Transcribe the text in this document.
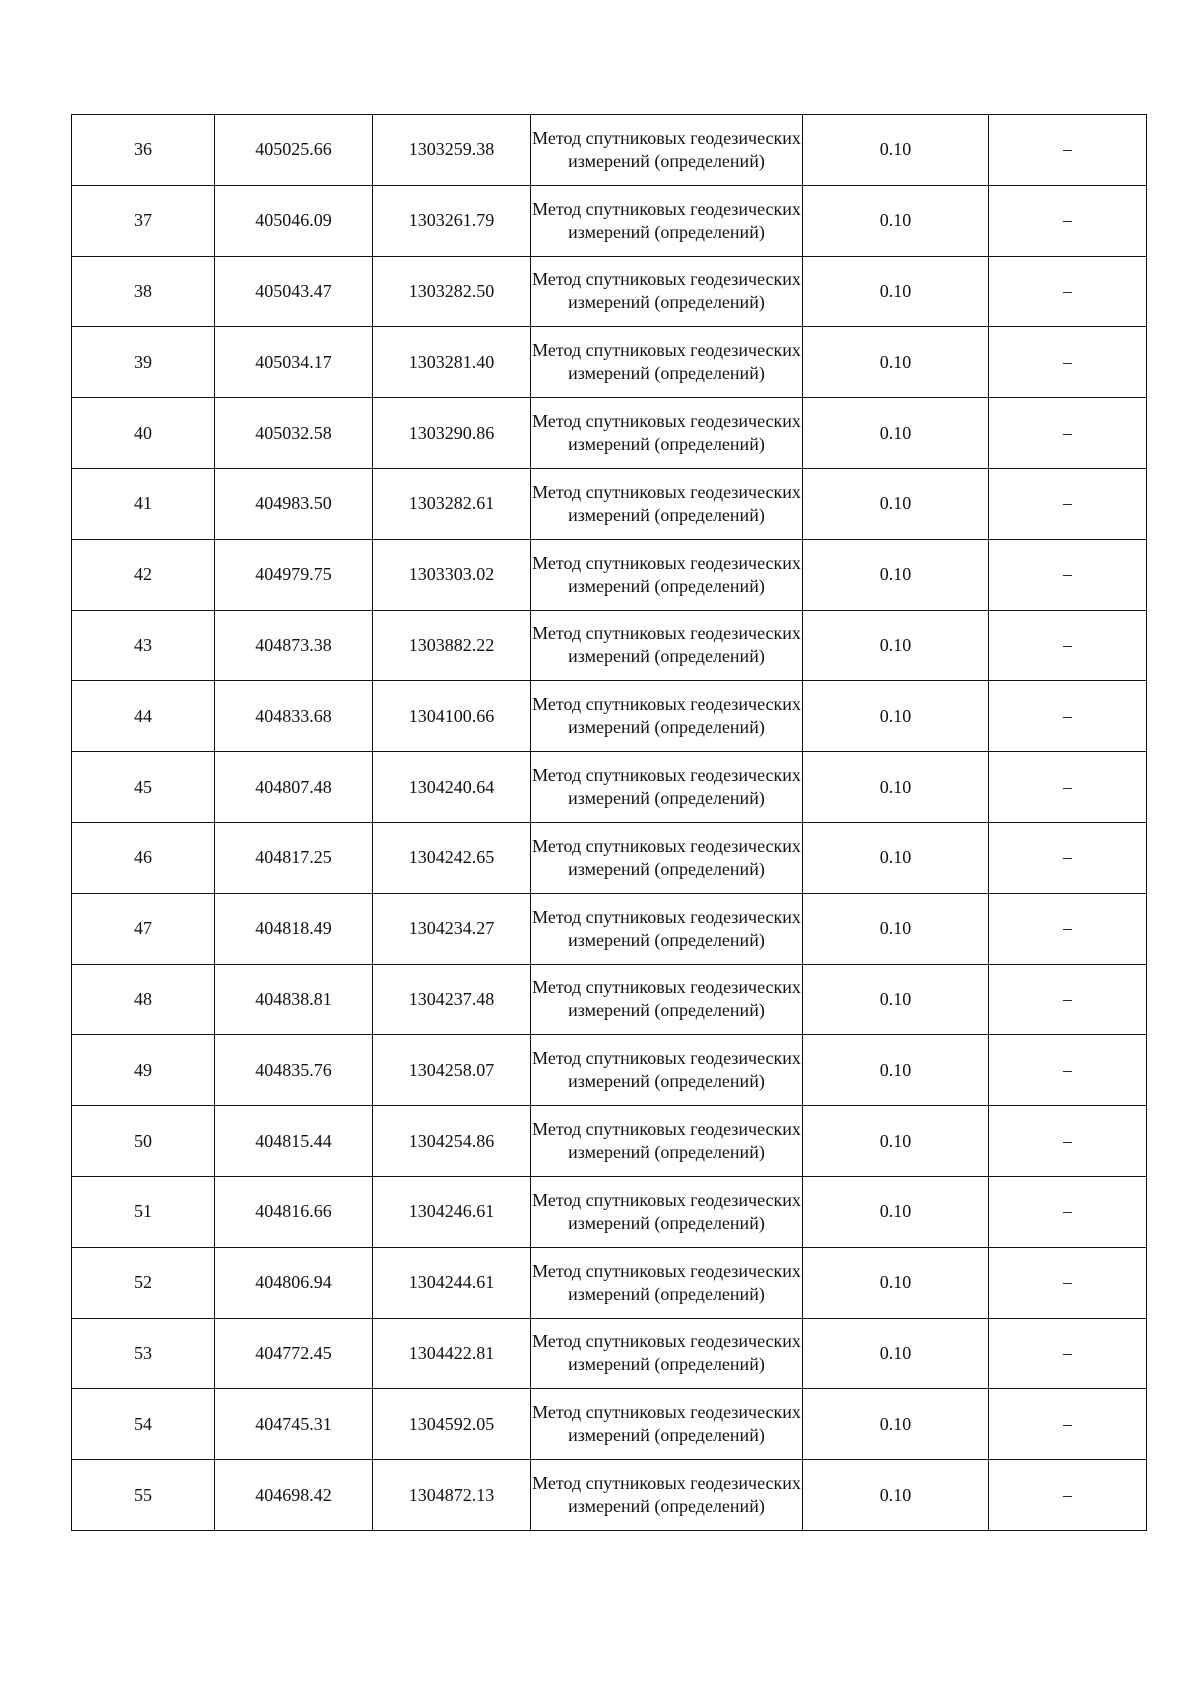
36	405025.66	1303259.38	Метод спутниковых геодезических измерений (определений)	0.10	–
37	405046.09	1303261.79	Метод спутниковых геодезических измерений (определений)	0.10	–
38	405043.47	1303282.50	Метод спутниковых геодезических измерений (определений)	0.10	–
39	405034.17	1303281.40	Метод спутниковых геодезических измерений (определений)	0.10	–
40	405032.58	1303290.86	Метод спутниковых геодезических измерений (определений)	0.10	–
41	404983.50	1303282.61	Метод спутниковых геодезических измерений (определений)	0.10	–
42	404979.75	1303303.02	Метод спутниковых геодезических измерений (определений)	0.10	–
43	404873.38	1303882.22	Метод спутниковых геодезических измерений (определений)	0.10	–
44	404833.68	1304100.66	Метод спутниковых геодезических измерений (определений)	0.10	–
45	404807.48	1304240.64	Метод спутниковых геодезических измерений (определений)	0.10	–
46	404817.25	1304242.65	Метод спутниковых геодезических измерений (определений)	0.10	–
47	404818.49	1304234.27	Метод спутниковых геодезических измерений (определений)	0.10	–
48	404838.81	1304237.48	Метод спутниковых геодезических измерений (определений)	0.10	–
49	404835.76	1304258.07	Метод спутниковых геодезических измерений (определений)	0.10	–
50	404815.44	1304254.86	Метод спутниковых геодезических измерений (определений)	0.10	–
51	404816.66	1304246.61	Метод спутниковых геодезических измерений (определений)	0.10	–
52	404806.94	1304244.61	Метод спутниковых геодезических измерений (определений)	0.10	–
53	404772.45	1304422.81	Метод спутниковых геодезических измерений (определений)	0.10	–
54	404745.31	1304592.05	Метод спутниковых геодезических измерений (определений)	0.10	–
55	404698.42	1304872.13	Метод спутниковых геодезических измерений (определений)	0.10	–
